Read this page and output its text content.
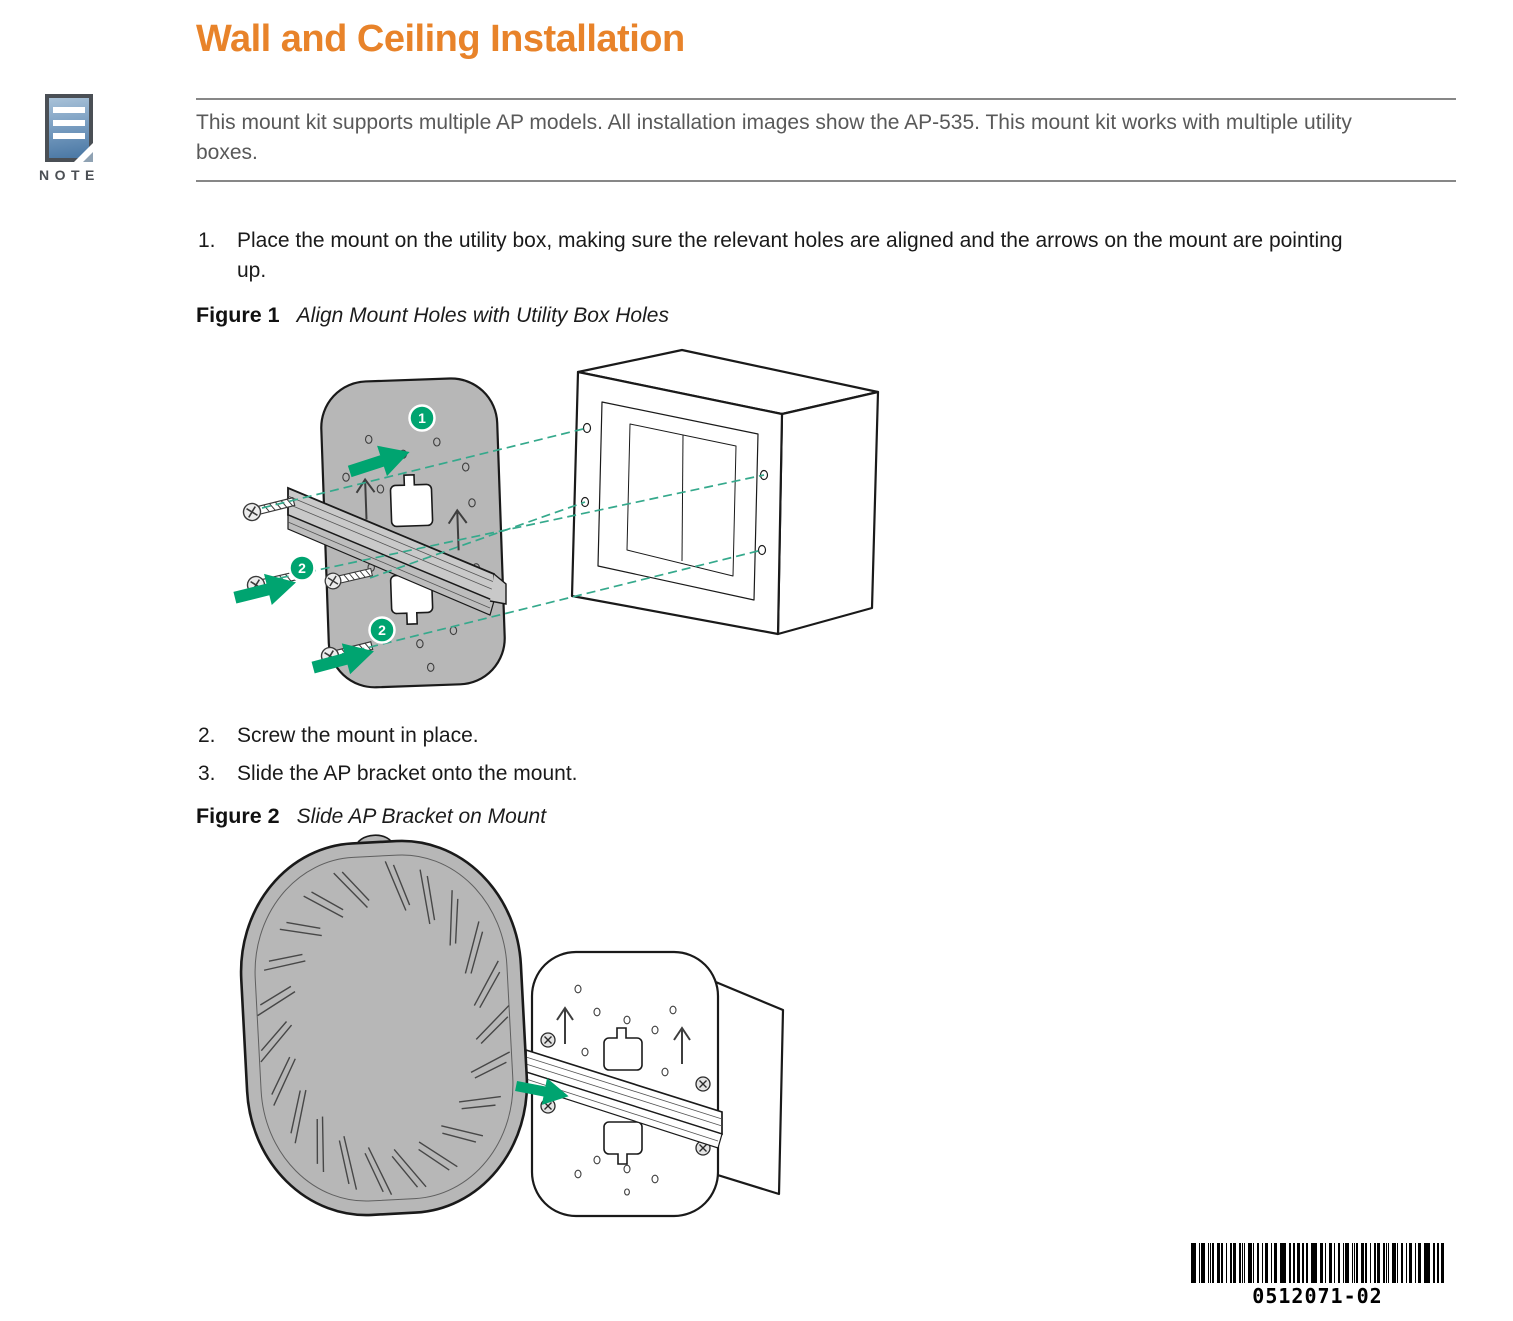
Wall and Ceiling Installation
NOTE

This mount kit supports multiple AP models. All installation images show the AP-535. This mount kit works with multiple utility boxes.

1. Place the mount on the utility box, making sure the relevant holes are aligned and the arrows on the mount are pointing up.

Figure 1 Align Mount Holes with Utility Box Holes

1
2
2
2. Screw the mount in place.
3. Slide the AP bracket onto the mount.

Figure 2 Slide AP Bracket on Mount

0512071-02
